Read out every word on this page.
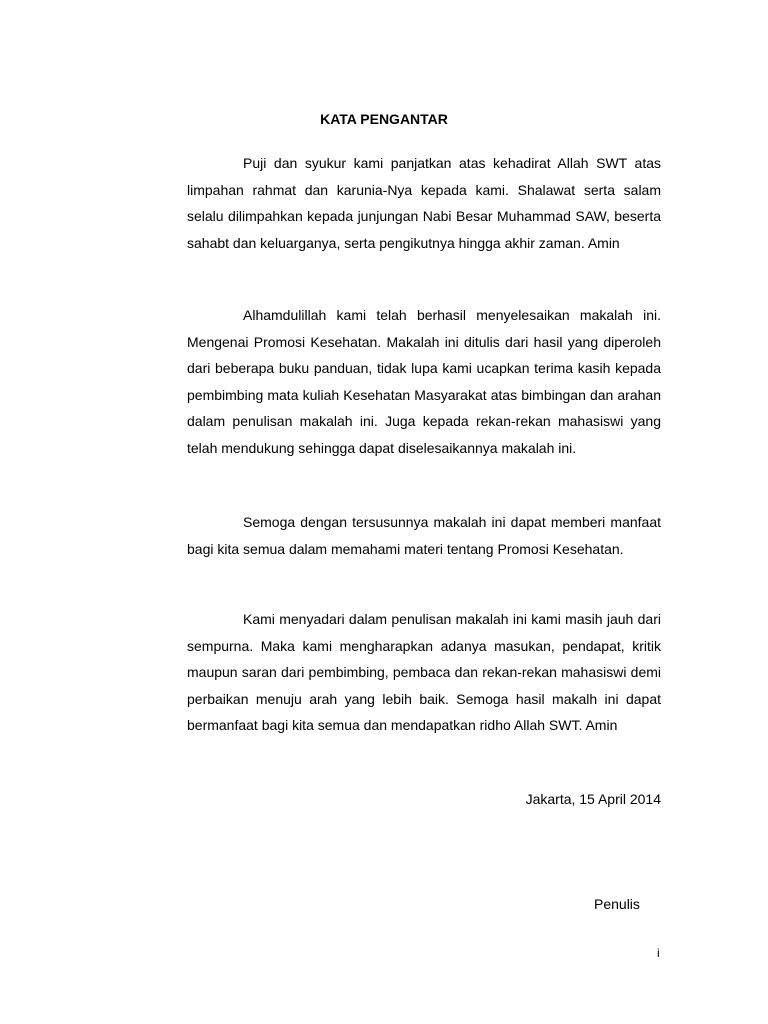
KATA PENGANTAR

Puji dan syukur kami panjatkan atas kehadirat Allah SWT atas limpahan rahmat dan karunia-Nya kepada kami. Shalawat serta salam selalu dilimpahkan kepada junjungan Nabi Besar Muhammad SAW, beserta sahabt dan keluarganya, serta pengikutnya hingga akhir zaman. Amin

Alhamdulillah kami telah berhasil menyelesaikan makalah ini. Mengenai Promosi Kesehatan. Makalah ini ditulis dari hasil yang diperoleh dari beberapa buku panduan, tidak lupa kami ucapkan terima kasih kepada pembimbing mata kuliah Kesehatan Masyarakat atas bimbingan dan arahan dalam penulisan makalah ini. Juga kepada rekan-rekan mahasiswi yang telah mendukung sehingga dapat diselesaikannya makalah ini.

Semoga dengan tersusunnya makalah ini dapat memberi manfaat bagi kita semua dalam memahami materi tentang Promosi Kesehatan.

Kami menyadari dalam penulisan makalah ini kami masih jauh dari sempurna. Maka kami mengharapkan adanya masukan, pendapat, kritik maupun saran dari pembimbing, pembaca dan rekan-rekan mahasiswi demi perbaikan menuju arah yang lebih baik. Semoga hasil makalh ini dapat bermanfaat bagi kita semua dan mendapatkan ridho Allah SWT. Amin

Jakarta, 15 April 2014
Penulis
i
